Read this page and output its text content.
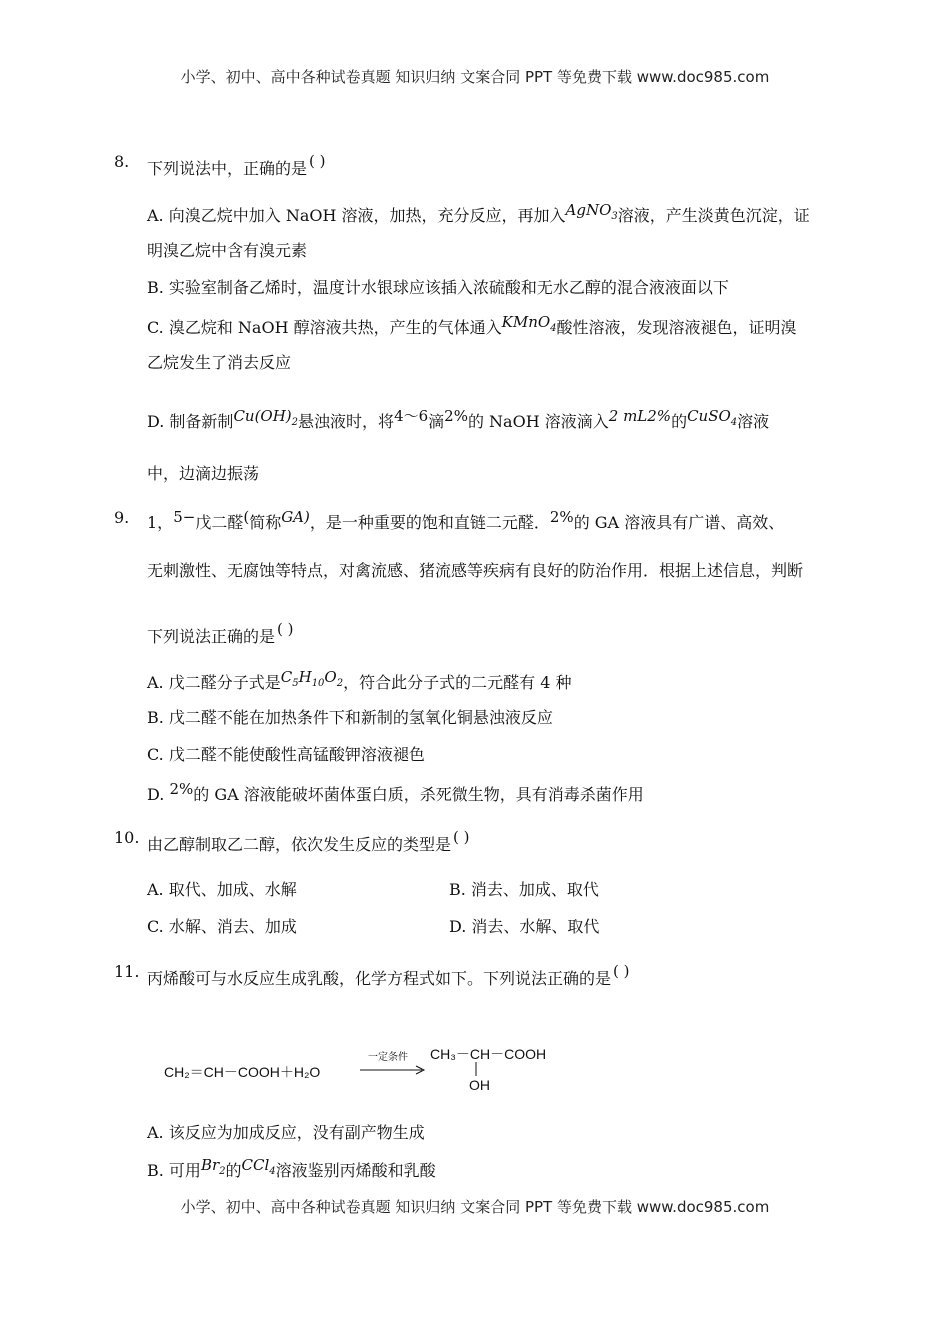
小学、初中、高中各种试卷真题 知识归纳 文案合同 PPT 等免费下载 www.doc985.com
8. 下列说法中，正确的是 ( )
A. 向溴乙烷中加入 NaOH 溶液，加热，充分反应，再加入AgNO$_3$溶液，产生淡黄色沉淀，证
明溴乙烷中含有溴元素
B. 实验室制备乙烯时，温度计水银球应该插入浓硫酸和无水乙醇的混合液液面以下
C. 溴乙烷和 NaOH 醇溶液共热，产生的气体通入KMnO$_4$酸性溶液，发现溶液褪色，证明溴
乙烷发生了消去反应
D. 制备新制$Cu(OH)_2$悬浊液时，将4～6滴2%的 NaOH 溶液滴入2 mL2%的CuSO$_4$溶液
中，边滴边振荡
9. 1，5−戊二醛(简称GA)，是一种重要的饱和直链二元醛．2%的 GA 溶液具有广谱、高效、
无刺激性、无腐蚀等特点，对禽流感、猪流感等疾病有良好的防治作用．根据上述信息，判断
下列说法正确的是 ( )
A. 戊二醛分子式是$C_5H_{10}O_2$，符合此分子式的二元醛有 4 种
B. 戊二醛不能在加热条件下和新制的氢氧化铜悬浊液反应
C. 戊二醛不能使酸性高锰酸钾溶液褪色
D. 2%的 GA 溶液能破坏菌体蛋白质，杀死微生物，具有消毒杀菌作用
10. 由乙醇制取乙二醇，依次发生反应的类型是 ( )
A. 取代、加成、水解	B. 消去、加成、取代
C. 水解、消去、加成	D. 消去、水解、取代
11. 丙烯酸可与水反应生成乳酸，化学方程式如下。下列说法正确的是 ( )
CH₂＝CH－COOH＋H₂O
一定条件 CH₃－CH－COOH
OH
A. 该反应为加成反应，没有副产物生成
B. 可用$Br_2$的CCl$_4$溶液鉴别丙烯酸和乳酸
小学、初中、高中各种试卷真题 知识归纳 文案合同 PPT 等免费下载 www.doc985.com
